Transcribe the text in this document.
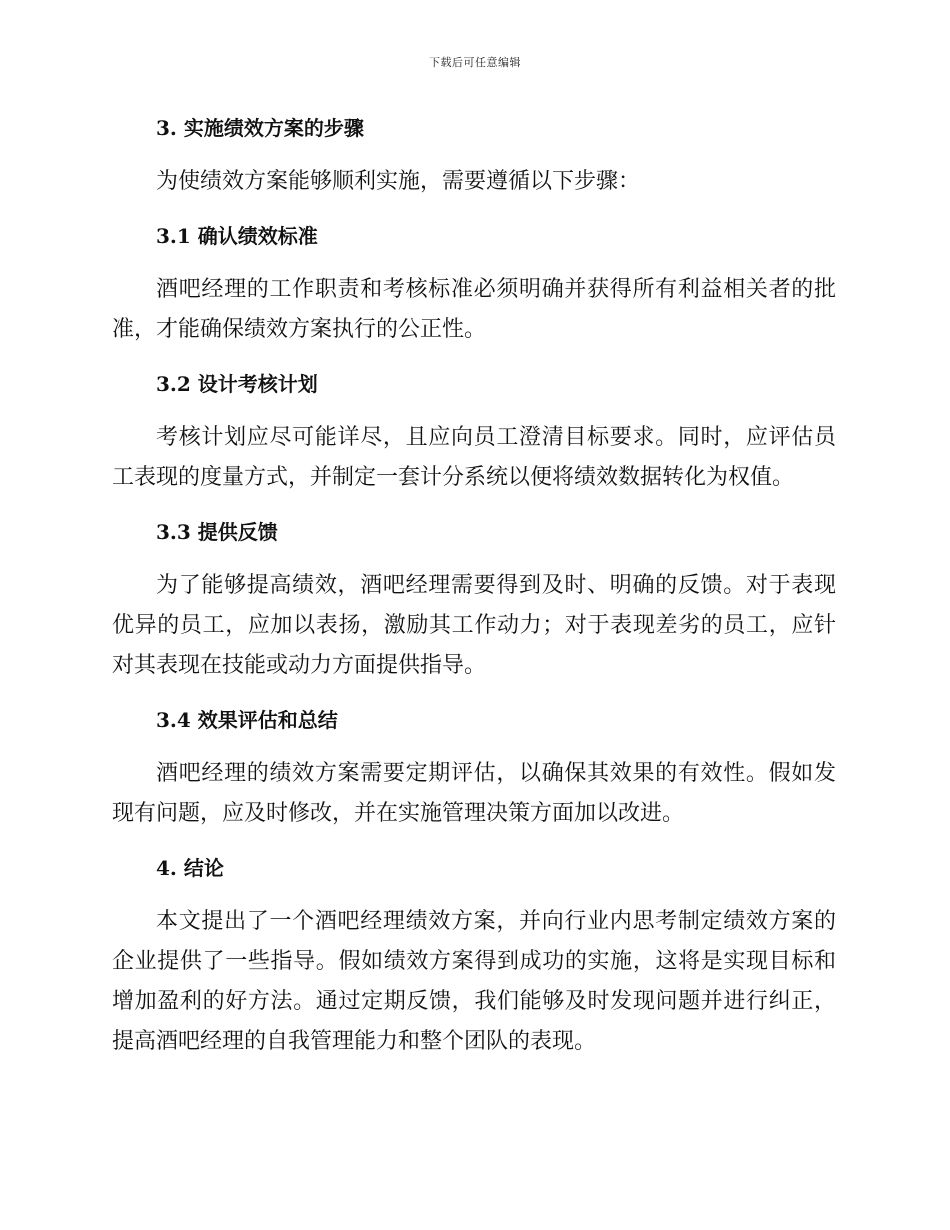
下载后可任意编辑
3. 实施绩效方案的步骤

为使绩效方案能够顺利实施，需要遵循以下步骤：

3.1 确认绩效标准

酒吧经理的工作职责和考核标准必须明确并获得所有利益相关者的批准，才能确保绩效方案执行的公正性。

3.2 设计考核计划

考核计划应尽可能详尽，且应向员工澄清目标要求。同时，应评估员工表现的度量方式，并制定一套计分系统以便将绩效数据转化为权值。

3.3 提供反馈

为了能够提高绩效，酒吧经理需要得到及时、明确的反馈。对于表现优异的员工，应加以表扬，激励其工作动力；对于表现差劣的员工，应针对其表现在技能或动力方面提供指导。

3.4 效果评估和总结

酒吧经理的绩效方案需要定期评估，以确保其效果的有效性。假如发现有问题，应及时修改，并在实施管理决策方面加以改进。

4. 结论

本文提出了一个酒吧经理绩效方案，并向行业内思考制定绩效方案的企业提供了一些指导。假如绩效方案得到成功的实施，这将是实现目标和增加盈利的好方法。通过定期反馈，我们能够及时发现问题并进行纠正，提高酒吧经理的自我管理能力和整个团队的表现。
